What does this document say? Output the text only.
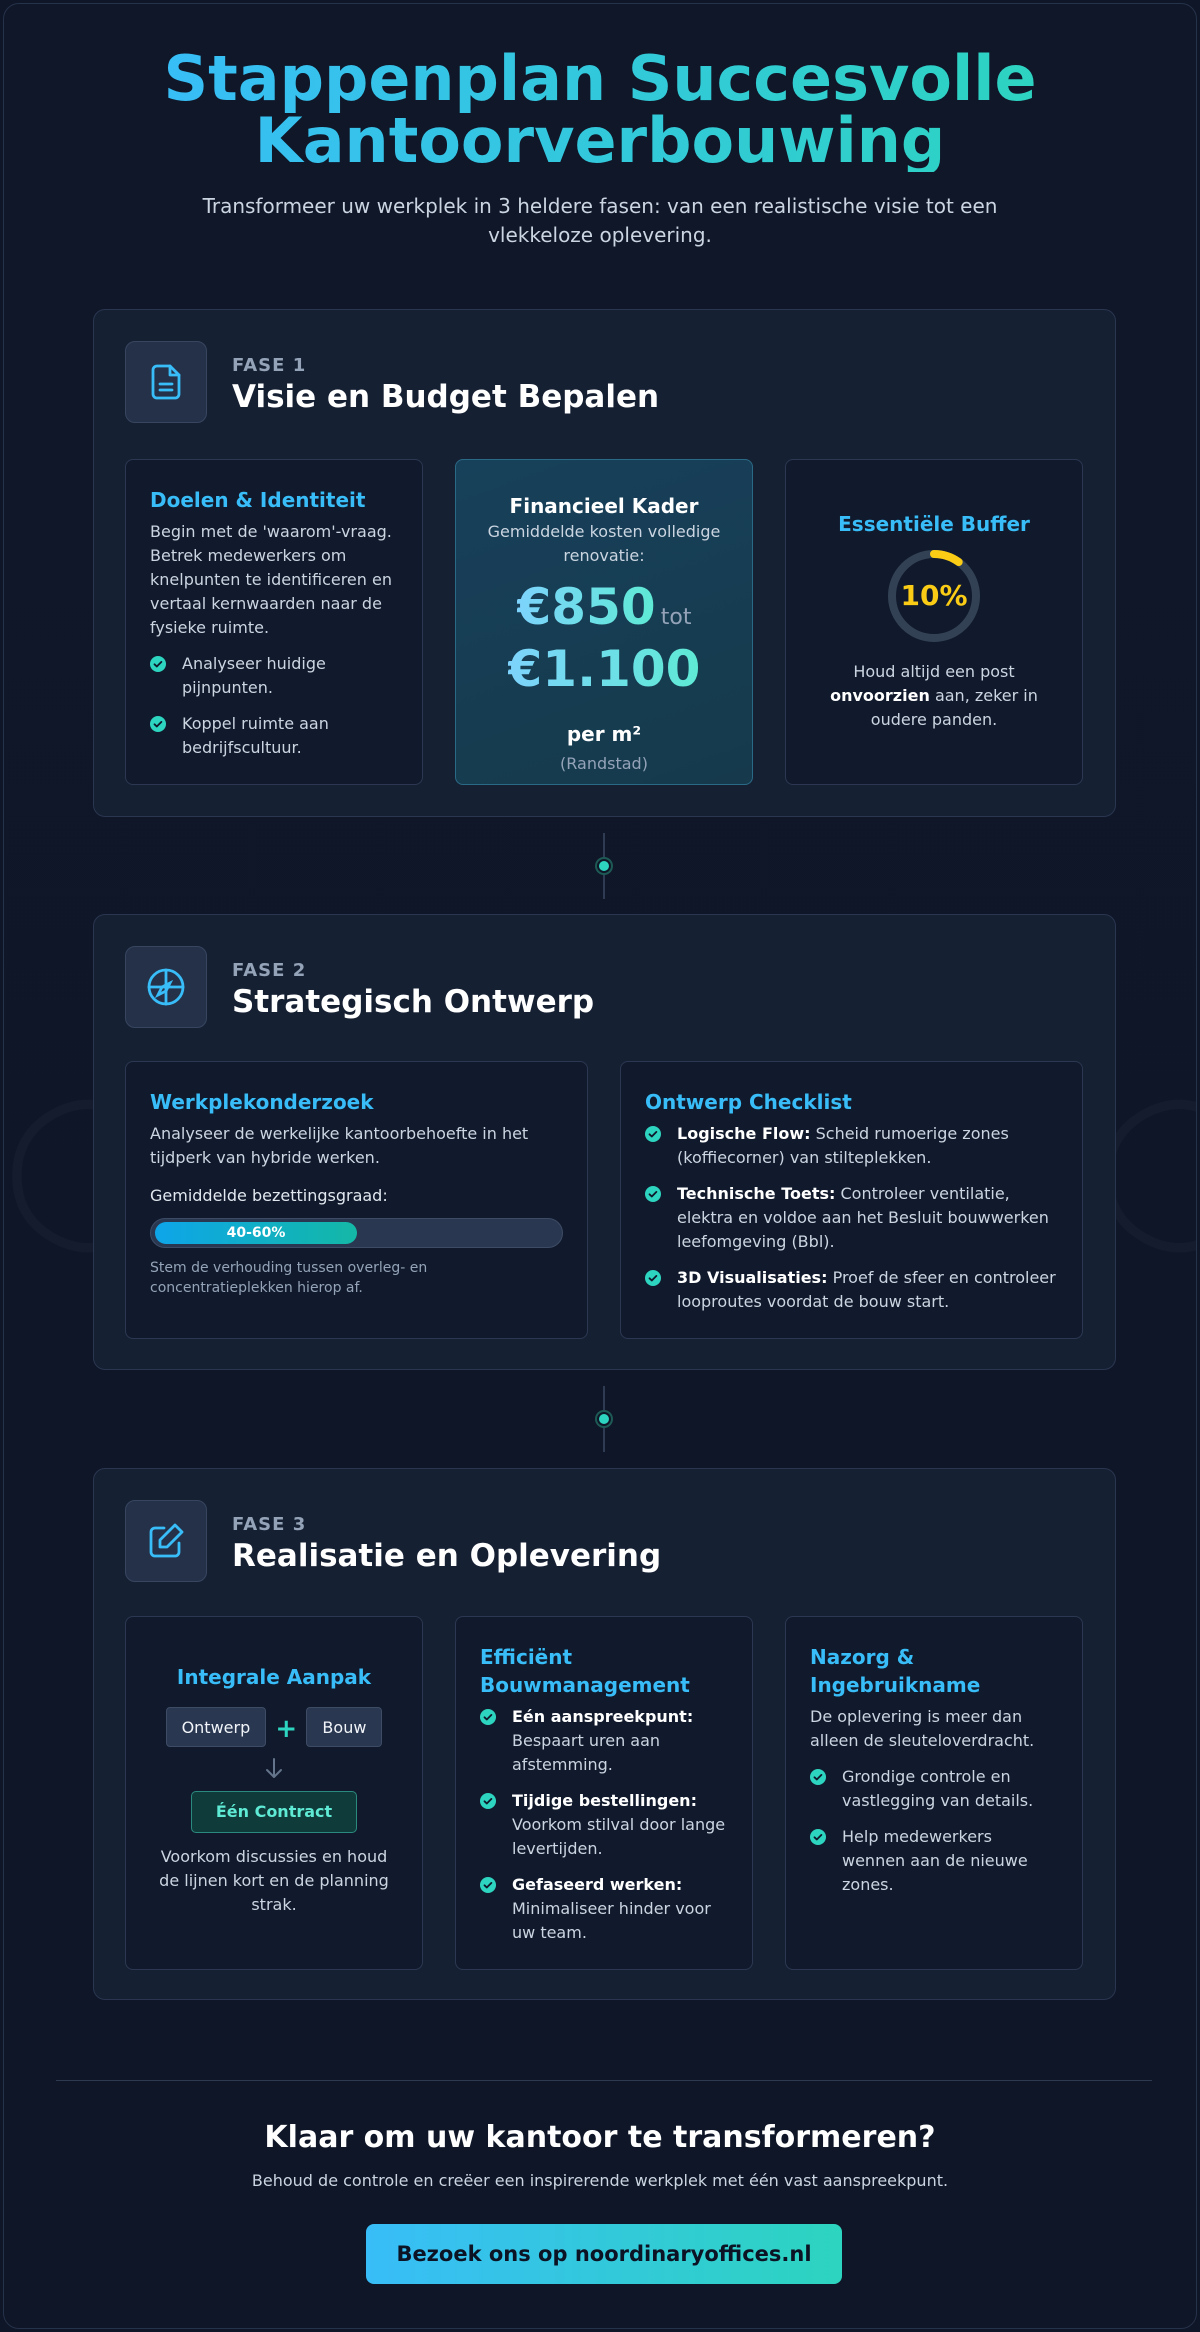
Stappenplan Succesvolle Kantoorverbouwing

Transformeer uw werkplek in 3 heldere fasen: van een realistische visie tot een vlekkeloze oplevering.

FASE 1
Visie en Budget Bepalen
Doelen & Identiteit

Begin met de 'waarom'-vraag. Betrek medewerkers om knelpunten te identificeren en vertaal kernwaarden naar de fysieke ruimte.

Analyseer huidige pijnpunten.
Koppel ruimte aan bedrijfscultuur.
Financieel Kader
Gemiddelde kosten volledige renovatie:
€850 tot
€1.100
per m²
(Randstad)
Essentiële Buffer
10%

Houd altijd een post onvoorzien aan, zeker in oudere panden.

FASE 2
Strategisch Ontwerp
Werkplekonderzoek

Analyseer de werkelijke kantoorbehoefte in het tijdperk van hybride werken.

Gemiddelde bezettingsgraad:

40-60%

Stem de verhouding tussen overleg- en concentratieplekken hierop af.

Ontwerp Checklist
Logische Flow: Scheid rumoerige zones (koffiecorner) van stilteplekken.
Technische Toets: Controleer ventilatie, elektra en voldoe aan het Besluit bouwwerken leefomgeving (Bbl).
3D Visualisaties: Proef de sfeer en controleer looproutes voordat de bouw start.
FASE 3
Realisatie en Oplevering
Integrale Aanpak
Ontwerp + Bouw
Één Contract

Voorkom discussies en houd de lijnen kort en de planning strak.

Efficiënt Bouwmanagement
Eén aanspreekpunt: Bespaart uren aan afstemming.
Tijdige bestellingen: Voorkom stilval door lange levertijden.
Gefaseerd werken: Minimaliseer hinder voor uw team.
Nazorg & Ingebruikname

De oplevering is meer dan alleen de sleuteloverdracht.

Grondige controle en vastlegging van details.
Help medewerkers wennen aan de nieuwe zones.
Klaar om uw kantoor te transformeren?

Behoud de controle en creëer een inspirerende werkplek met één vast aanspreekpunt.

Bezoek ons op noordinaryoffices.nl
